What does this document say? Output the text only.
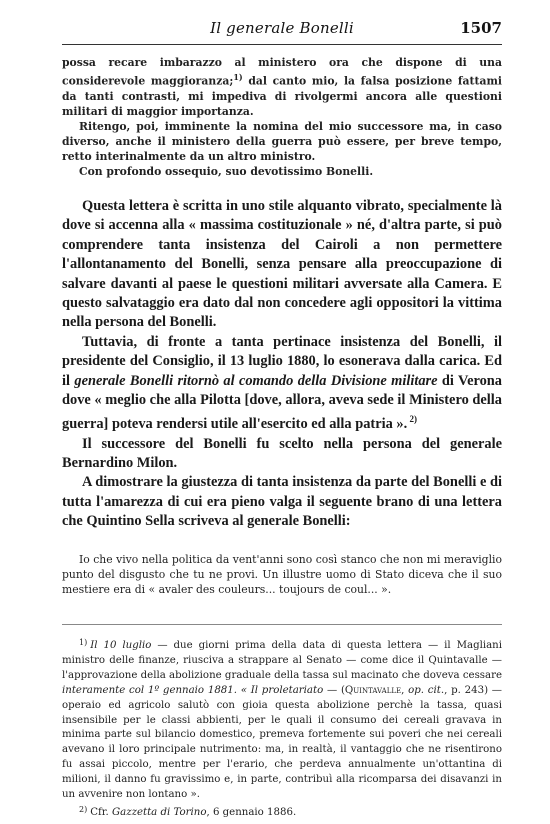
Il generale Bonelli	1507

possa recare imbarazzo al ministero ora che dispone di una considerevole maggioranza;$^{1)}$ dal canto mio, la falsa posizione fattami da tanti contrasti, mi impediva di rivolgermi ancora alle questioni militari di maggior importanza.

Ritengo, poi, imminente la nomina del mio successore ma, in caso diverso, anche il ministero della guerra può essere, per breve tempo, retto interinalmente da un altro ministro.

Con profondo ossequio, suo devotissimo Bonelli.

Questa lettera è scritta in uno stile alquanto vibrato, specialmente là dove si accenna alla « massima costituzionale » né, d'altra parte, si può comprendere tanta insistenza del Cairoli a non permettere l'allontanamento del Bonelli, senza pensare alla preoccupazione di salvare davanti al paese le questioni militari avversate alla Camera. E questo salvataggio era dato dal non concedere agli oppositori la vittima nella persona del Bonelli.

Tuttavia, di fronte a tanta pertinace insistenza del Bonelli, il presidente del Consiglio, il 13 luglio 1880, lo esonerava dalla carica. Ed il generale Bonelli ritornò al comando della Divisione militare di Verona dove « meglio che alla Pilotta [dove, allora, aveva sede il Ministero della guerra] poteva rendersi utile all'esercito ed alla patria ». $^{2)}$

Il successore del Bonelli fu scelto nella persona del generale Bernardino Milon.

A dimostrare la giustezza di tanta insistenza da parte del Bonelli e di tutta l'amarezza di cui era pieno valga il seguente brano di una lettera che Quintino Sella scriveva al generale Bonelli:

Io che vivo nella politica da vent'anni sono così stanco che non mi meraviglio punto del disgusto che tu ne provi. Un illustre uomo di Stato diceva che il suo mestiere era di « avaler des couleurs... toujours de coul... ».

$^{1)}$ Il 10 luglio — due giorni prima della data di questa lettera — il Magliani ministro delle finanze, riusciva a strappare al Senato — come dice il Quintavalle — l'approvazione della abolizione graduale della tassa sul macinato che doveva cessare interamente col 1º gennaio 1881. « Il proletariato — (Quintavalle, op. cit., p. 243) — operaio ed agricolo salutò con gioia questa abolizione perchè la tassa, quasi insensibile per le classi abbienti, per le quali il consumo dei cereali gravava in minima parte sul bilancio domestico, premeva fortemente sui poveri che nei cereali avevano il loro principale nutrimento: ma, in realtà, il vantaggio che ne risentirono fu assai piccolo, mentre per l'erario, che perdeva annualmente un'ottantina di milioni, il danno fu gravissimo e, in parte, contribuì alla ricomparsa dei disavanzi in un avvenire non lontano ».

$^{2)}$ Cfr. Gazzetta di Torino, 6 gennaio 1886.
